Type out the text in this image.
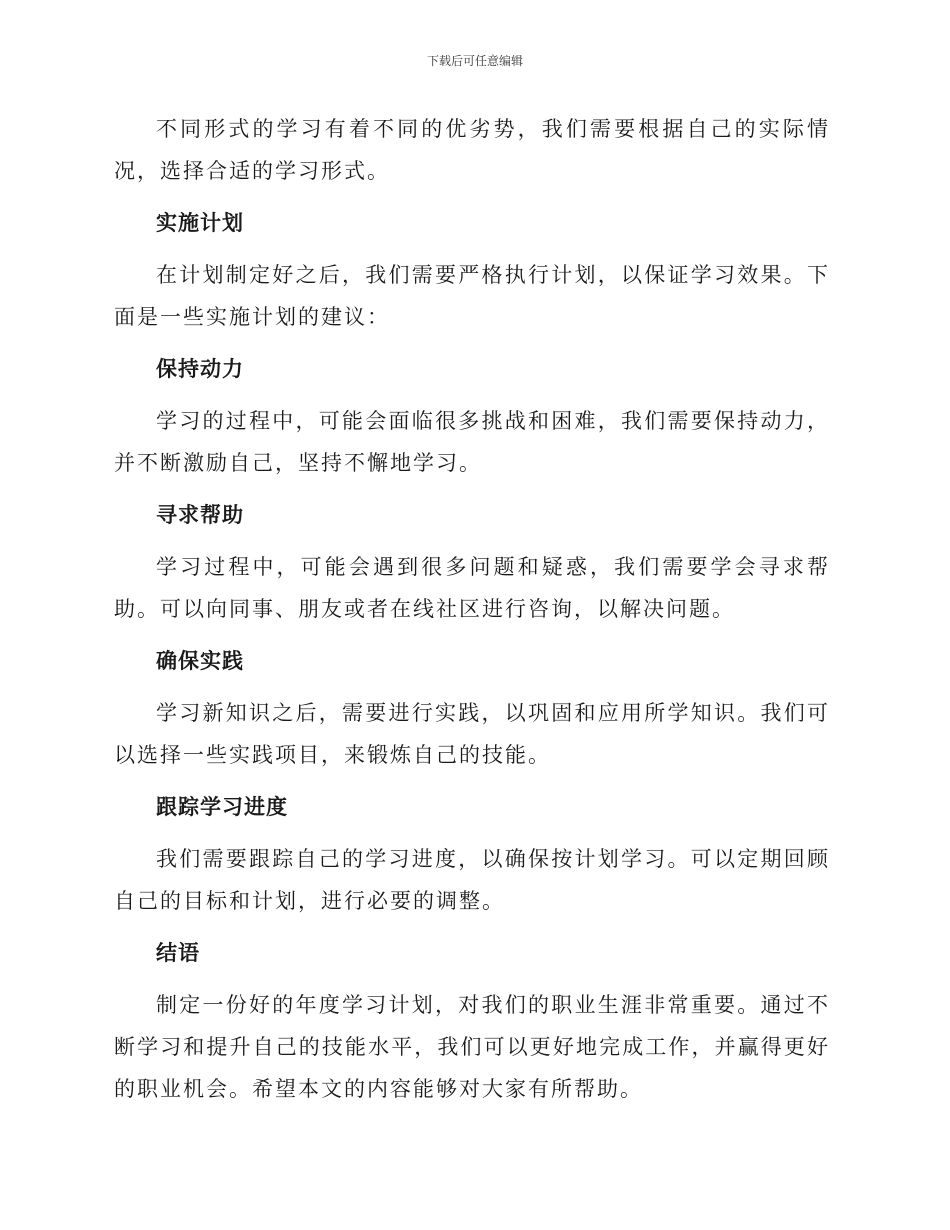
下载后可任意编辑

不同形式的学习有着不同的优劣势，我们需要根据自己的实际情况，选择合适的学习形式。

实施计划

在计划制定好之后，我们需要严格执行计划，以保证学习效果。下面是一些实施计划的建议：

保持动力

学习的过程中，可能会面临很多挑战和困难，我们需要保持动力，并不断激励自己，坚持不懈地学习。

寻求帮助

学习过程中，可能会遇到很多问题和疑惑，我们需要学会寻求帮助。可以向同事、朋友或者在线社区进行咨询，以解决问题。

确保实践

学习新知识之后，需要进行实践，以巩固和应用所学知识。我们可以选择一些实践项目，来锻炼自己的技能。

跟踪学习进度

我们需要跟踪自己的学习进度，以确保按计划学习。可以定期回顾自己的目标和计划，进行必要的调整。

结语

制定一份好的年度学习计划，对我们的职业生涯非常重要。通过不断学习和提升自己的技能水平，我们可以更好地完成工作，并赢得更好的职业机会。希望本文的内容能够对大家有所帮助。
